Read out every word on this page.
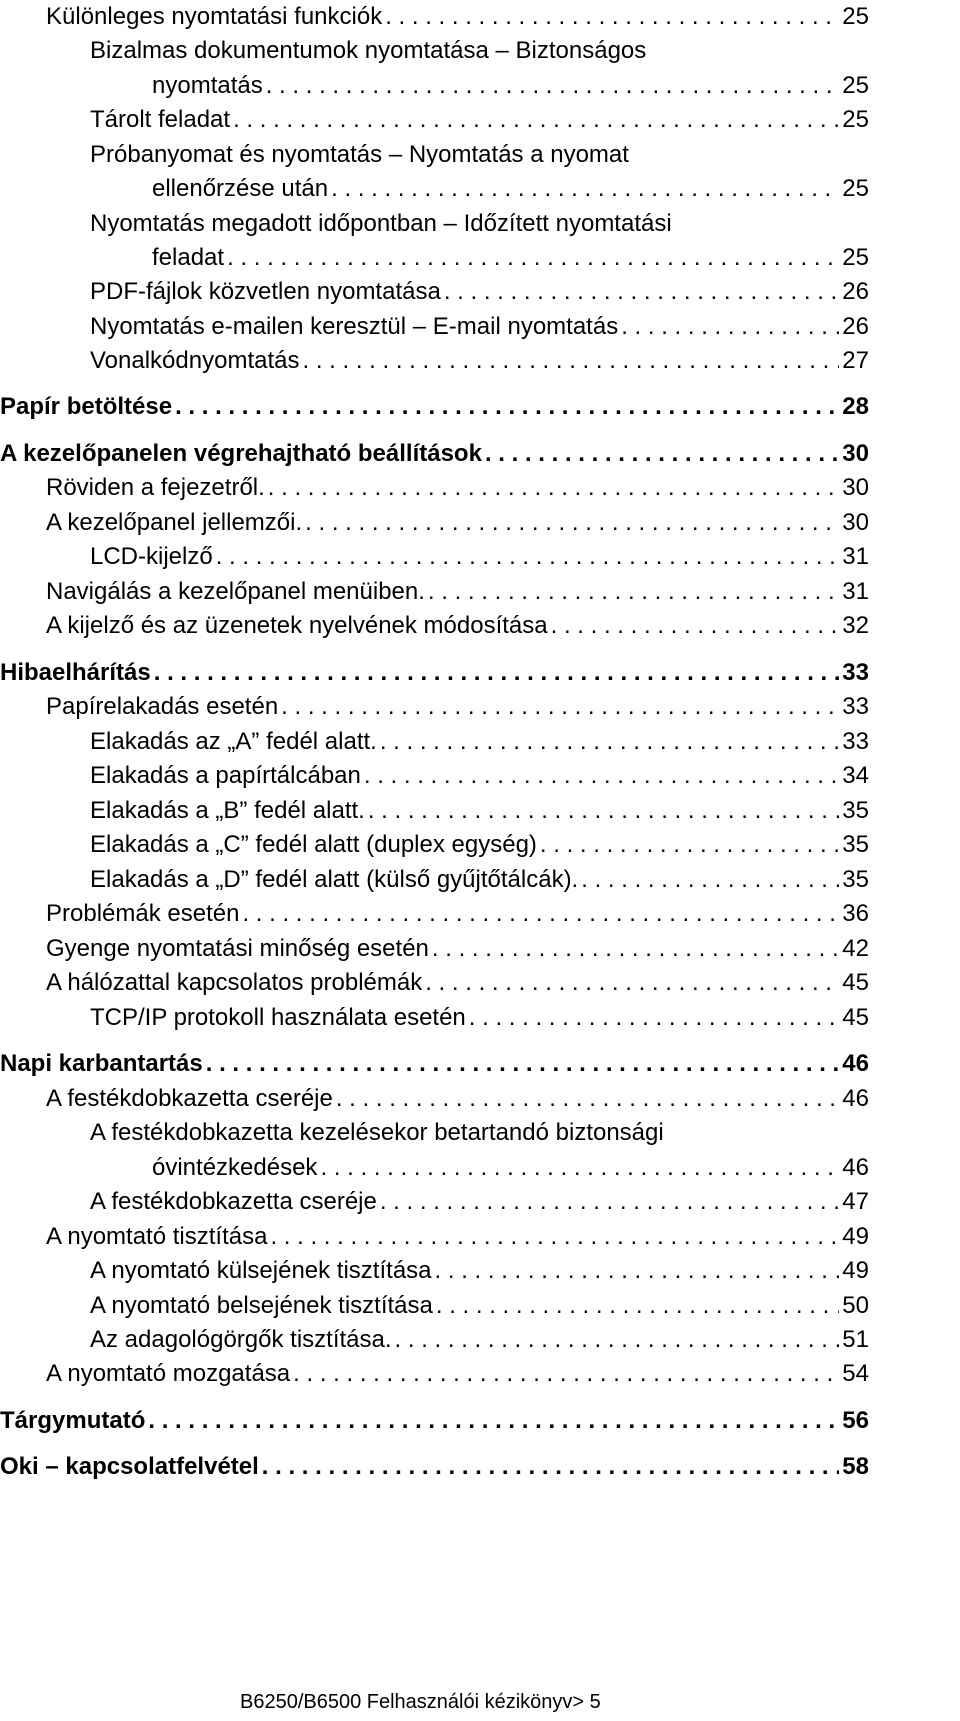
Különleges nyomtatási funkciók . . .	25
Bizalmas dokumentumok nyomtatása – Biztonságos
nyomtatás . . .	25
Tárolt feladat . . .	25
Próbanyomat és nyomtatás – Nyomtatás a nyomat
ellenőrzése után . . .	25
Nyomtatás megadott időpontban – Időzített nyomtatási
feladat . . .	25
PDF-fájlok közvetlen nyomtatása . . .	26
Nyomtatás e-mailen keresztül – E-mail nyomtatás . . .	26
Vonalkódnyomtatás . . .	27
Papír betöltése . . .	28
A kezelőpanelen végrehajtható beállítások . . .	30
Röviden a fejezetről. . . .	30
A kezelőpanel jellemzői. . . .	30
LCD-kijelző . . .	31
Navigálás a kezelőpanel menüiben. . . .	31
A kijelző és az üzenetek nyelvének módosítása . . .	32
Hibaelhárítás . . .	33
Papírelakadás esetén . . .	33
Elakadás az „A” fedél alatt. . . .	33
Elakadás a papírtálcában . . .	34
Elakadás a „B” fedél alatt. . . .	35
Elakadás a „C” fedél alatt (duplex egység) . . .	35
Elakadás a „D” fedél alatt (külső gyűjtőtálcák). . . .	35
Problémák esetén . . .	36
Gyenge nyomtatási minőség esetén . . .	42
A hálózattal kapcsolatos problémák . . .	45
TCP/IP protokoll használata esetén . . .	45
Napi karbantartás . . .	46
A festékdobkazetta cseréje . . .	46
A festékdobkazetta kezelésekor betartandó biztonsági
óvintézkedések . . .	46
A festékdobkazetta cseréje . . .	47
A nyomtató tisztítása . . .	49
A nyomtató külsejének tisztítása . . .	49
A nyomtató belsejének tisztítása . . .	50
Az adagológörgők tisztítása. . . .	51
A nyomtató mozgatása . . .	54
Tárgymutató . . .	56
Oki – kapcsolatfelvétel . . .	58
B6250/B6500 Felhasználói kézikönyv> 5
